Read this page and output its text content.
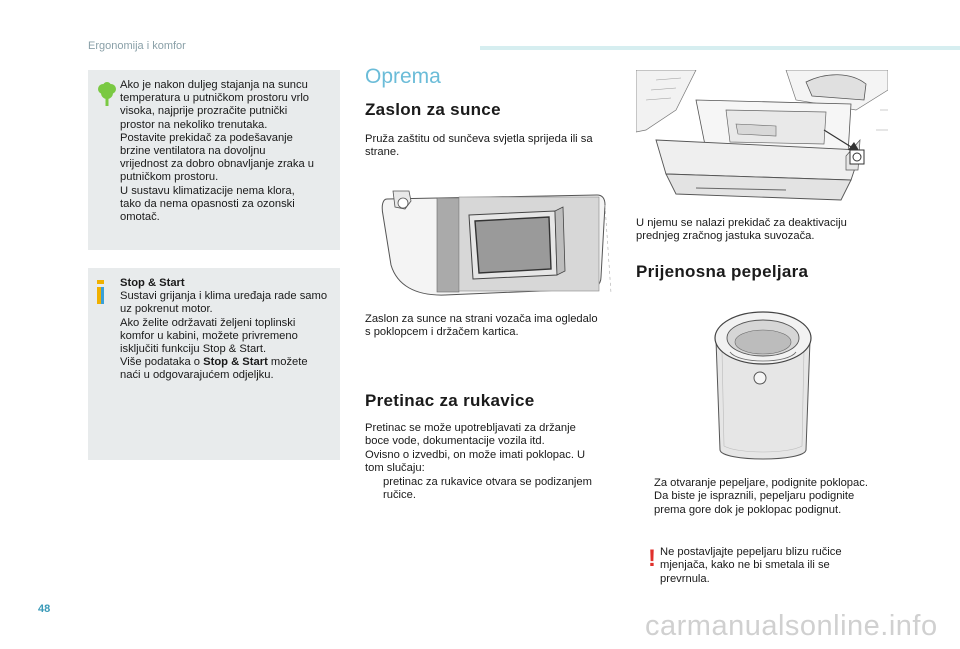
Ergonomija i komfor

Ako je nakon duljeg stajanja na suncu

temperatura u putničkom prostoru vrlo

visoka, najprije prozračite putnički

prostor na nekoliko trenutaka.

Postavite prekidač za podešavanje

brzine ventilatora na dovoljnu

vrijednost za dobro obnavljanje zraka u

putničkom prostoru.

U sustavu klimatizacije nema klora,

tako da nema opasnosti za ozonski

omotač.

Stop & Start

Sustavi grijanja i klima uređaja rade samo

uz pokrenut motor.

Ako želite održavati željeni toplinski

komfor u kabini, možete privremeno

isključiti funkciju Stop & Start.

Više podataka o Stop & Start možete

naći u odgovarajućem odjeljku.

Oprema
Zaslon za sunce

Pruža zaštitu od sunčeva svjetla sprijeda ili sa

strane.

Zaslon za sunce na strani vozača ima ogledalo

s poklopcem i držačem kartica.

Pretinac za rukavice

Pretinac se može upotrebljavati za držanje

boce vode, dokumentacije vozila itd.

Ovisno o izvedbi, on može imati poklopac. U

tom slučaju:

pretinac za rukavice otvara se podizanjem

ručice.

U njemu se nalazi prekidač za deaktivaciju

prednjeg zračnog jastuka suvozača.

Prijenosna pepeljara

Za otvaranje pepeljare, podignite poklopac.

Da biste je ispraznili, pepeljaru podignite

prema gore dok je poklopac podignut.

! Ne postavljajte pepeljaru blizu ručice

mjenjača, kako ne bi smetala ili se

prevrnula.

48
carmanualsonline.info
